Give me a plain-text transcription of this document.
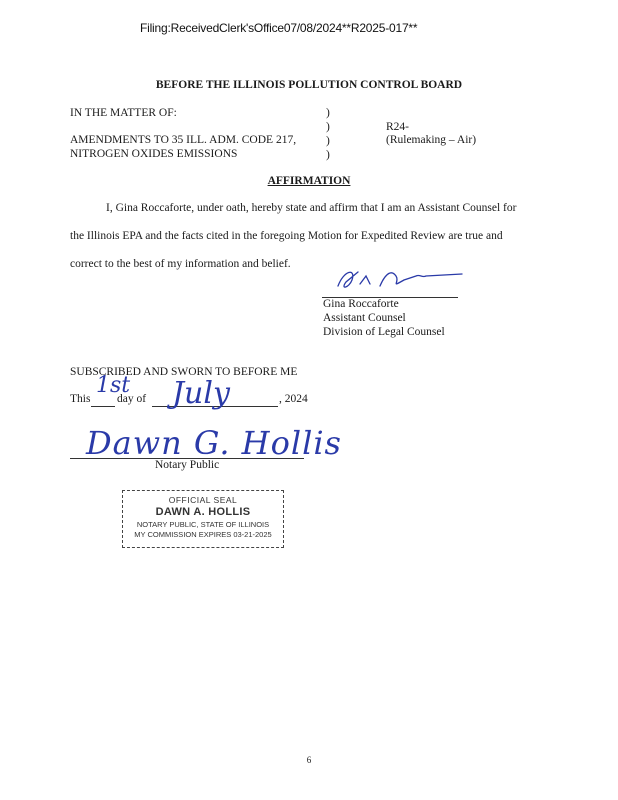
Filing:ReceivedClerk'sOffice07/08/2024**R2025-017**
BEFORE THE ILLINOIS POLLUTION CONTROL BOARD
IN THE MATTER OF:
AMENDMENTS TO 35 ILL. ADM. CODE 217,
NITROGEN OXIDES EMISSIONS
)
)
)
)
R24-
(Rulemaking – Air)
AFFIRMATION
I, Gina Roccaforte, under oath, hereby state and affirm that I am an Assistant Counsel for
the Illinois EPA and the facts cited in the foregoing Motion for Expedited Review are true and
correct to the best of my information and belief.
Gina Roccaforte
Assistant Counsel
Division of Legal Counsel
SUBSCRIBED AND SWORN TO BEFORE ME
This
1st
day of July	, 2024
Dawn G. Hollis
Notary Public
OFFICIAL SEAL
DAWN A. HOLLIS
NOTARY PUBLIC, STATE OF ILLINOIS
MY COMMISSION EXPIRES 03-21-2025
6
